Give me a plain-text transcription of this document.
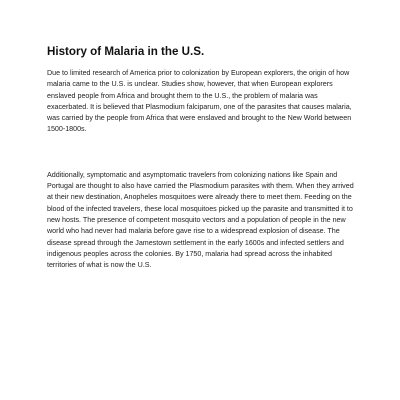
History of Malaria in the U.S.

Due to limited research of America prior to colonization by European explorers, the origin of how malaria came to the U.S. is unclear. Studies show, however, that when European explorers enslaved people from Africa and brought them to the U.S., the problem of malaria was exacerbated. It is believed that Plasmodium falciparum, one of the parasites that causes malaria, was carried by the people from Africa that were enslaved and brought to the New World between 1500-1800s.

Additionally, symptomatic and asymptomatic travelers from colonizing nations like Spain and Portugal are thought to also have carried the Plasmodium parasites with them. When they arrived at their new destination, Anopheles mosquitoes were already there to meet them. Feeding on the blood of the infected travelers, these local mosquitoes picked up the parasite and transmitted it to new hosts. The presence of competent mosquito vectors and a population of people in the new world who had never had malaria before gave rise to a widespread explosion of disease. The disease spread through the Jamestown settlement in the early 1600s and infected settlers and indigenous peoples across the colonies. By 1750, malaria had spread across the inhabited territories of what is now the U.S.
